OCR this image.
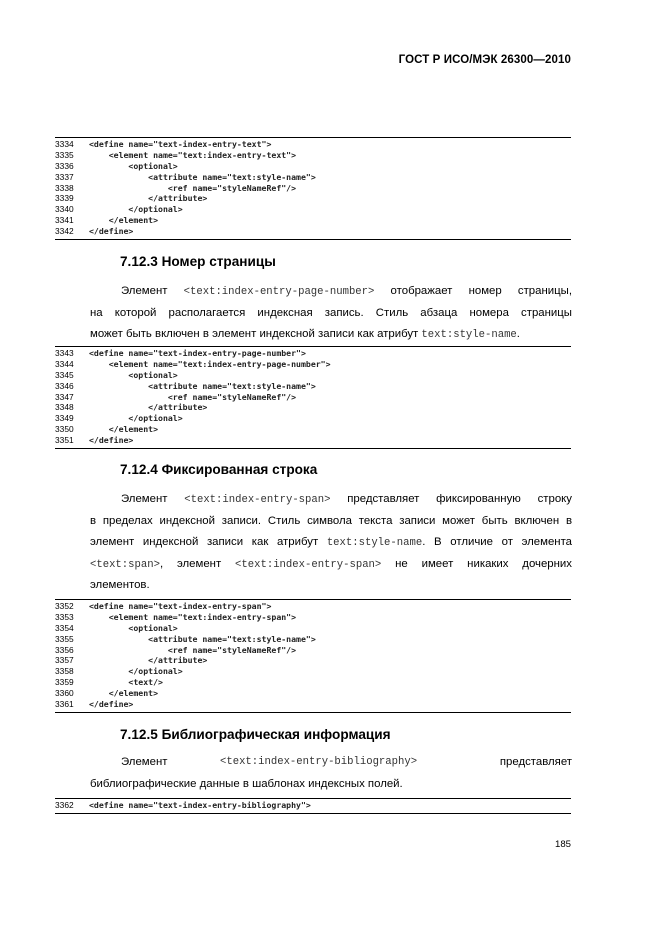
ГОСТ Р ИСО/МЭК 26300—2010
3334	<define name="text-index-entry-text">
3335	<element name="text:index-entry-text">
3336	<optional>
3337	<attribute name="text:style-name">
3338	<ref name="styleNameRef"/>
3339	</attribute>
3340	</optional>
3341	</element>
3342	</define>
7.12.3 Номер страницы
Элемент <text:index-entry-page-number> отображает номер страницы,
на которой располагается индексная запись. Стиль абзаца номера страницы
может быть включен в элемент индексной записи как атрибут text:style-name.
3343	<define name="text-index-entry-page-number">
3344	<element name="text:index-entry-page-number">
3345	<optional>
3346	<attribute name="text:style-name">
3347	<ref name="styleNameRef"/>
3348	</attribute>
3349	</optional>
3350	</element>
3351	</define>
7.12.4 Фиксированная строка
Элемент <text:index-entry-span> представляет фиксированную строку
в пределах индексной записи. Стиль символа текста записи может быть включен в
элемент индексной записи как атрибут text:style-name. В отличие от элемента
<text:span>, элемент <text:index-entry-span> не имеет никаких дочерних
элементов.
3352	<define name="text-index-entry-span">
3353	<element name="text:index-entry-span">
3354	<optional>
3355	<attribute name="text:style-name">
3356	<ref name="styleNameRef"/>
3357	</attribute>
3358	</optional>
3359	<text/>
3360	</element>
3361	</define>
7.12.5 Библиографическая информация
Элемент	<text:index-entry-bibliography>	представляет
библиографические данные в шаблонах индексных полей.
3362	<define name="text-index-entry-bibliography">
185
